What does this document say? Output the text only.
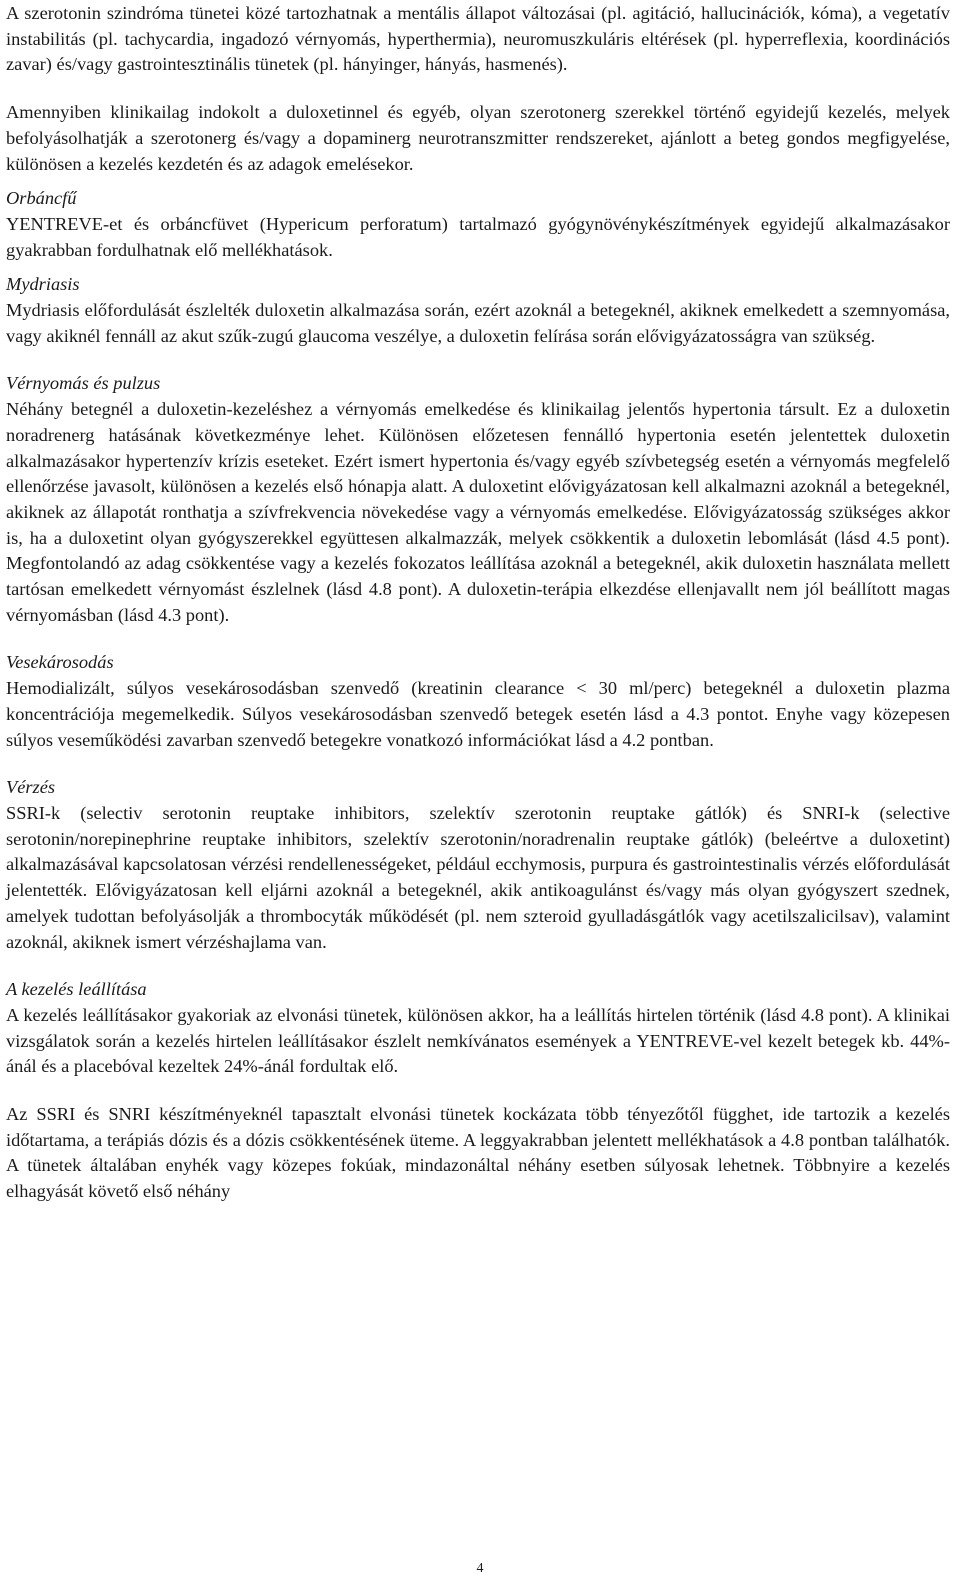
A szerotonin szindróma tünetei közé tartozhatnak a mentális állapot változásai (pl. agitáció, hallucinációk, kóma), a vegetatív instabilitás (pl. tachycardia, ingadozó vérnyomás, hyperthermia), neuromuszkuláris eltérések (pl. hyperreflexia, koordinációs zavar) és/vagy gastrointesztinális tünetek (pl. hányinger, hányás, hasmenés).

Amennyiben klinikailag indokolt a duloxetinnel és egyéb, olyan szerotonerg szerekkel történő egyidejű kezelés, melyek befolyásolhatják a szerotonerg és/vagy a dopaminerg neurotranszmitter rendszereket, ajánlott a beteg gondos megfigyelése, különösen a kezelés kezdetén és az adagok emelésekor.

Orbáncfű

YENTREVE-et és orbáncfüvet (Hypericum perforatum) tartalmazó gyógynövénykészítmények egyidejű alkalmazásakor gyakrabban fordulhatnak elő mellékhatások.

Mydriasis

Mydriasis előfordulását észlelték duloxetin alkalmazása során, ezért azoknál a betegeknél, akiknek emelkedett a szemnyomása, vagy akiknél fennáll az akut szűk-zugú glaucoma veszélye, a duloxetin felírása során elővigyázatosságra van szükség.

Vérnyomás és pulzus

Néhány betegnél a duloxetin-kezeléshez a vérnyomás emelkedése és klinikailag jelentős hypertonia társult. Ez a duloxetin noradrenerg hatásának következménye lehet. Különösen előzetesen fennálló hypertonia esetén jelentettek duloxetin alkalmazásakor hypertenzív krízis eseteket. Ezért ismert hypertonia és/vagy egyéb szívbetegség esetén a vérnyomás megfelelő ellenőrzése javasolt, különösen a kezelés első hónapja alatt. A duloxetint elővigyázatosan kell alkalmazni azoknál a betegeknél, akiknek az állapotát ronthatja a szívfrekvencia növekedése vagy a vérnyomás emelkedése. Elővigyázatosság szükséges akkor is, ha a duloxetint olyan gyógyszerekkel együttesen alkalmazzák, melyek csökkentik a duloxetin lebomlását (lásd 4.5 pont). Megfontolandó az adag csökkentése vagy a kezelés fokozatos leállítása azoknál a betegeknél, akik duloxetin használata mellett tartósan emelkedett vérnyomást észlelnek (lásd 4.8 pont). A duloxetin-terápia elkezdése ellenjavallt nem jól beállított magas vérnyomásban (lásd 4.3 pont).

Vesekárosodás

Hemodializált, súlyos vesekárosodásban szenvedő (kreatinin clearance < 30 ml/perc) betegeknél a duloxetin plazma koncentrációja megemelkedik. Súlyos vesekárosodásban szenvedő betegek esetén lásd a 4.3 pontot. Enyhe vagy közepesen súlyos veseműködési zavarban szenvedő betegekre vonatkozó információkat lásd a 4.2 pontban.

Vérzés

SSRI-k (selectiv serotonin reuptake inhibitors, szelektív szerotonin reuptake gátlók) és SNRI-k (selective serotonin/norepinephrine reuptake inhibitors, szelektív szerotonin/noradrenalin reuptake gátlók) (beleértve a duloxetint) alkalmazásával kapcsolatosan vérzési rendellenességeket, például ecchymosis, purpura és gastrointestinalis vérzés előfordulását jelentették. Elővigyázatosan kell eljárni azoknál a betegeknél, akik antikoagulánst és/vagy más olyan gyógyszert szednek, amelyek tudottan befolyásolják a thrombocyták működését (pl. nem szteroid gyulladásgátlók vagy acetilszalicilsav), valamint azoknál, akiknek ismert vérzéshajlama van.

A kezelés leállítása

A kezelés leállításakor gyakoriak az elvonási tünetek, különösen akkor, ha a leállítás hirtelen történik (lásd 4.8 pont). A klinikai vizsgálatok során a kezelés hirtelen leállításakor észlelt nemkívánatos események a YENTREVE-vel kezelt betegek kb. 44%-ánál és a placebóval kezeltek 24%-ánál fordultak elő.

Az SSRI és SNRI készítményeknél tapasztalt elvonási tünetek kockázata több tényezőtől függhet, ide tartozik a kezelés időtartama, a terápiás dózis és a dózis csökkentésének üteme. A leggyakrabban jelentett mellékhatások a 4.8 pontban találhatók. A tünetek általában enyhék vagy közepes fokúak, mindazonáltal néhány esetben súlyosak lehetnek. Többnyire a kezelés elhagyását követő első néhány

4
